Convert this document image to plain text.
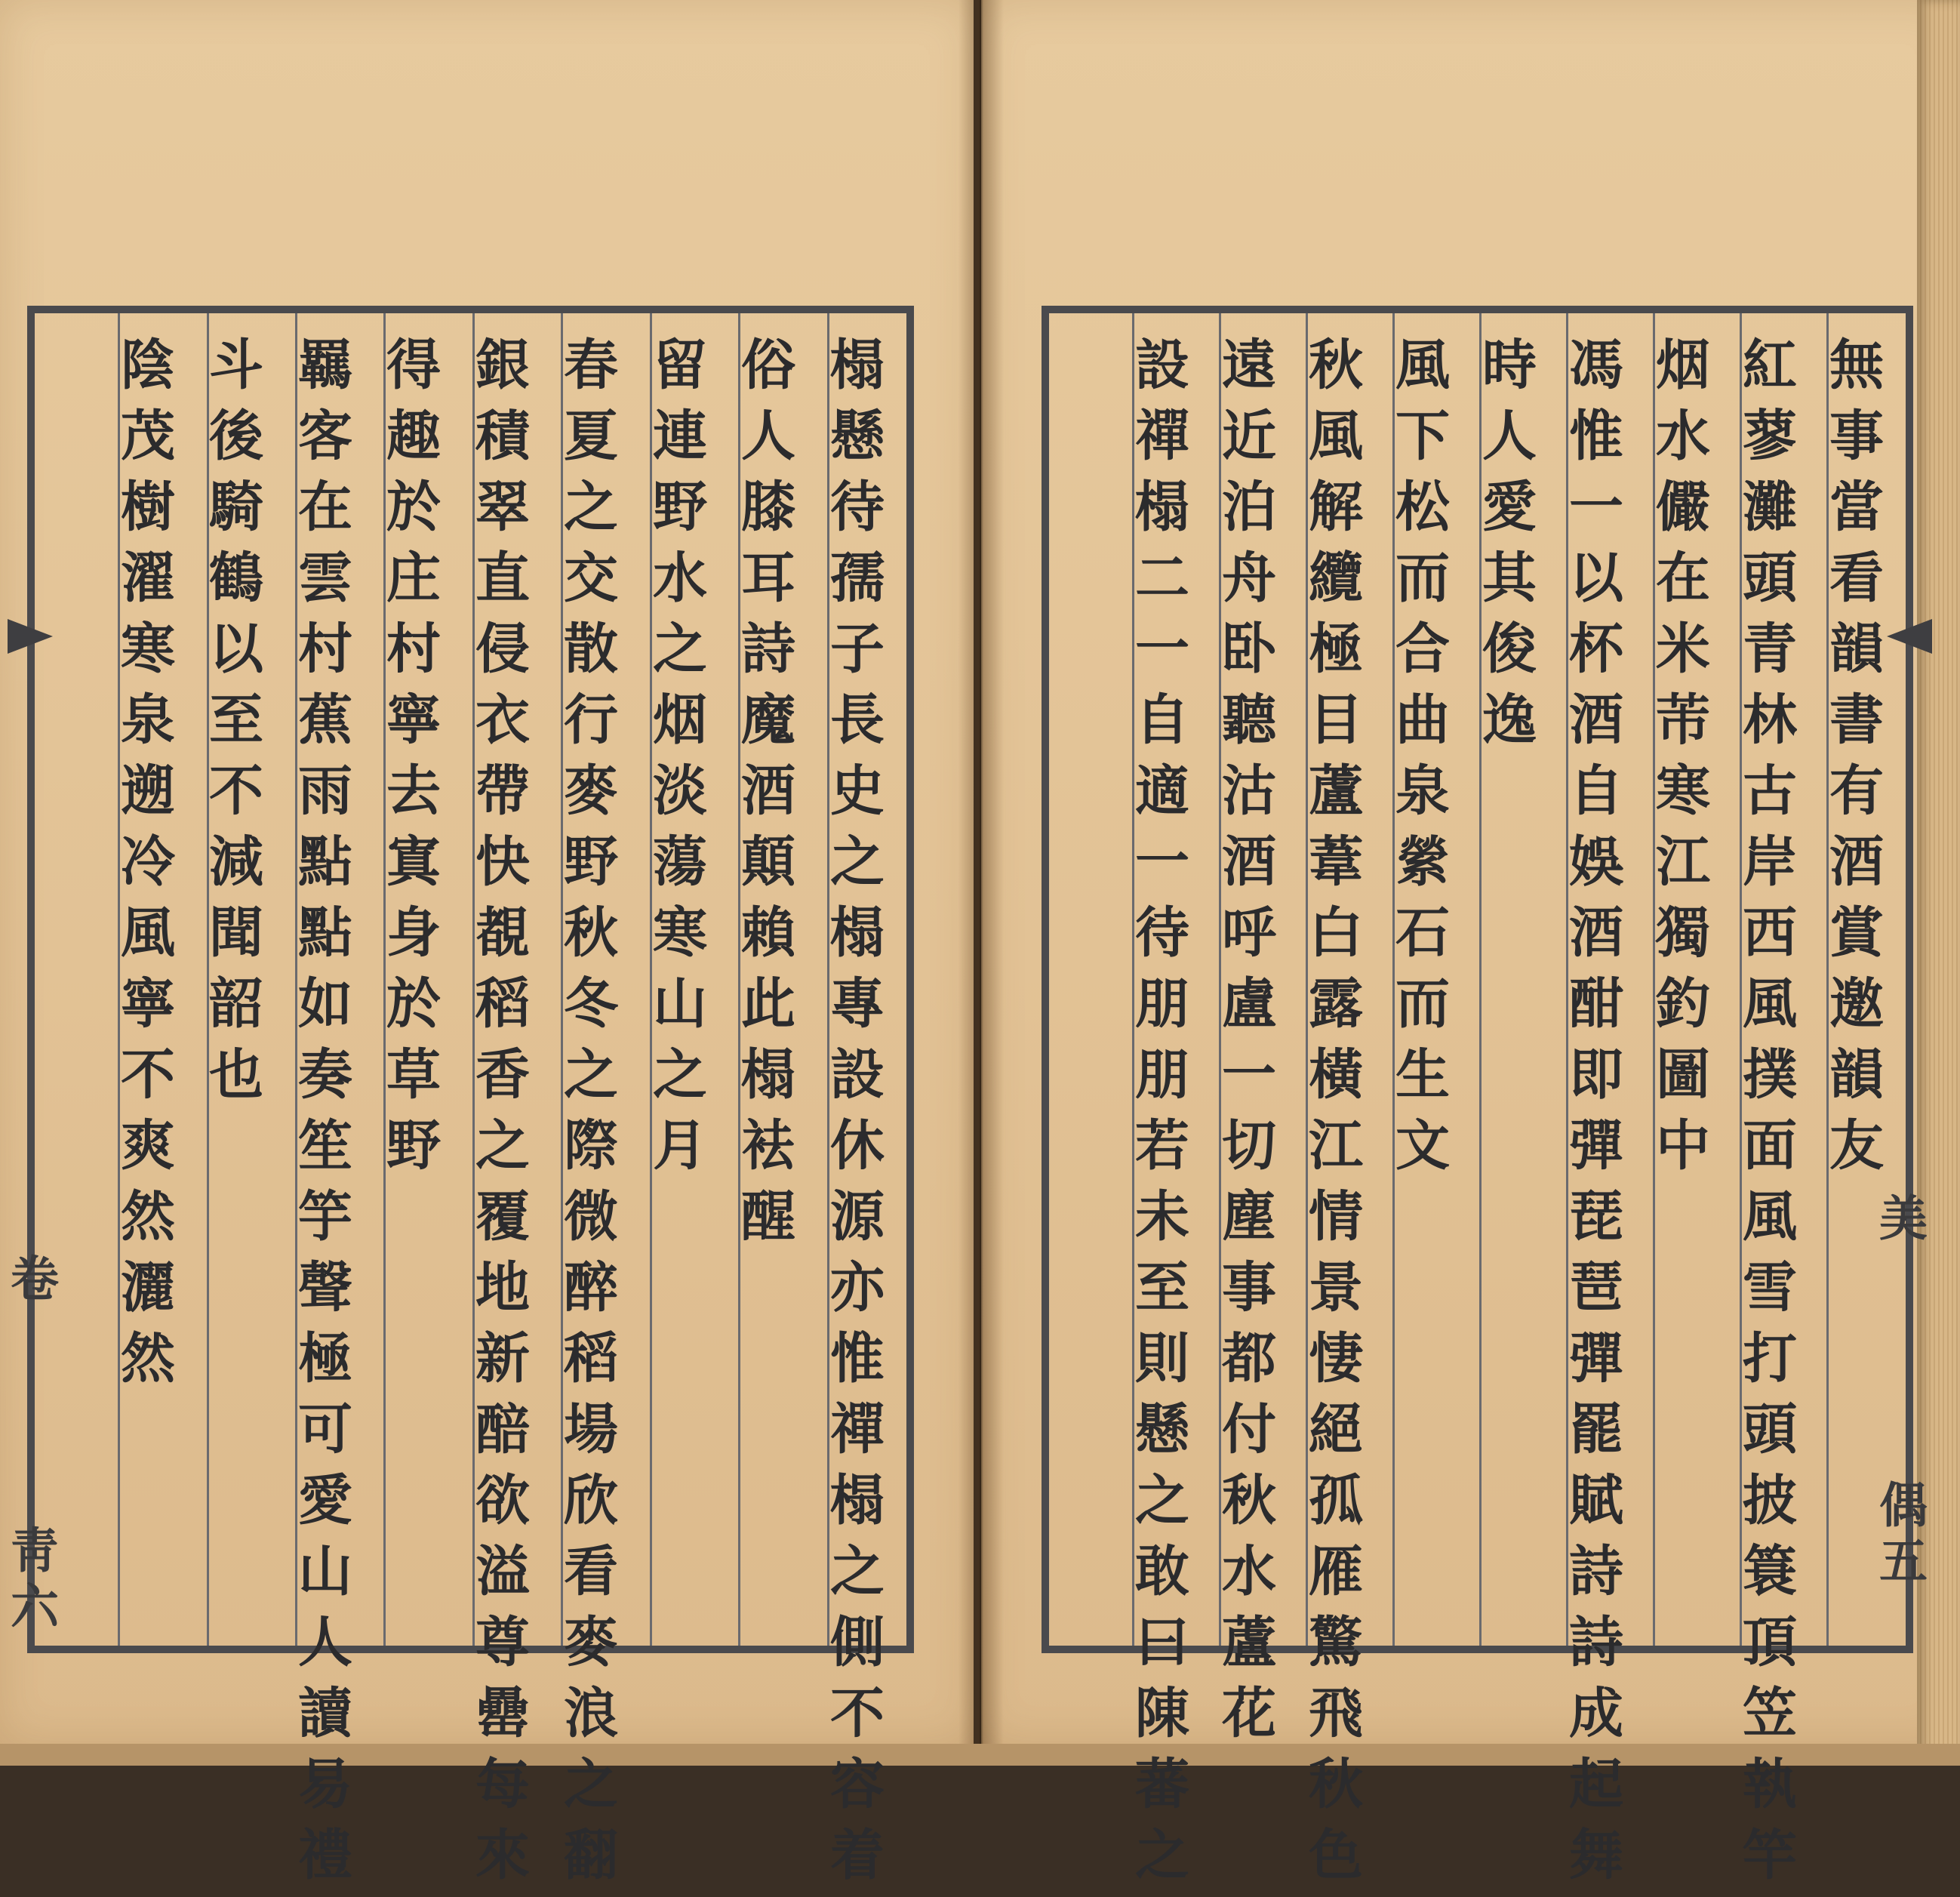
榻懸待孺子長史之榻專設休源亦惟禪榻之側不容着
俗人膝耳詩魔酒顛賴此榻袪醒
留連野水之烟淡蕩寒山之月
春夏之交散行麥野秋冬之際微醉稻場欣看麥浪之翻
銀積翠直侵衣帶快覩稻香之覆地新醅欲溢尊罍每來
得趣於庄村寧去寘身於草野
羈客在雲村蕉雨點點如奏笙竽聲極可愛山人讀易禮
斗後騎鶴以至不減聞韶也
陰茂樹濯寒泉遡冷風寧不爽然灑然
卷
靑六
無事當看韻書有酒賞邀韻友
紅蓼灘頭青林古岸西風撲面風雪打頭披簑頂笠執竿
烟水儼在米芾寒江獨釣圖中
馮惟一以杯酒自娛酒酣即彈琵琶彈罷賦詩詩成起舞
時人愛其俊逸
風下松而合曲泉縈石而生文
秋風解纜極目蘆葦白露橫江情景悽絕孤雁驚飛秋色
遠近泊舟卧聽沽酒呼盧一切塵事都付秋水蘆花
設禪榻二一自適一待朋朋若未至則懸之敢曰陳蕃之	美
偶五
